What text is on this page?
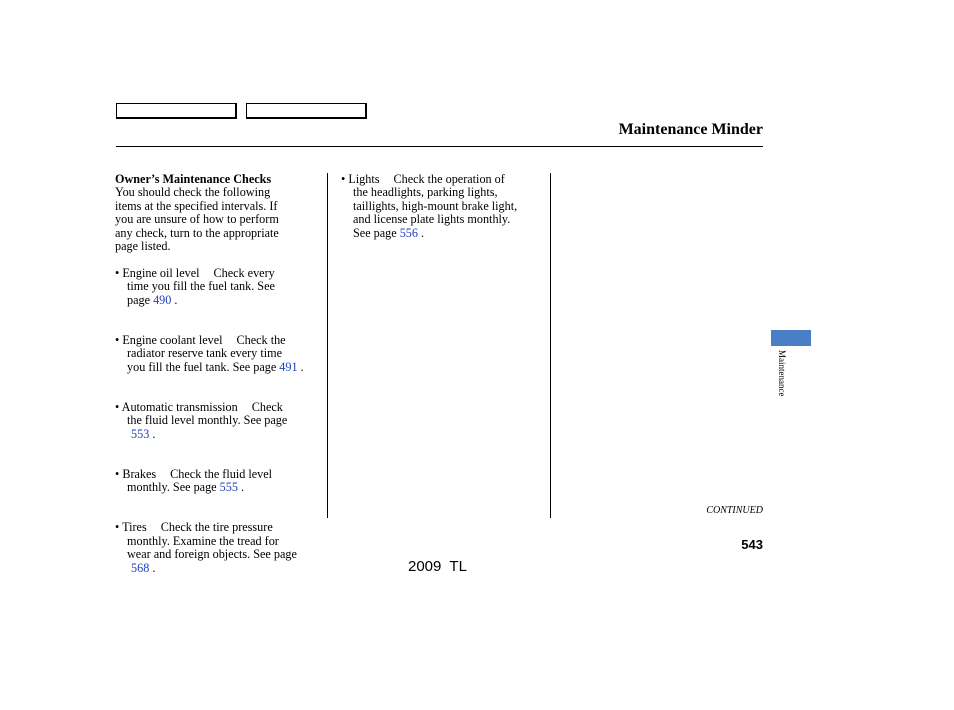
Maintenance Minder

Owner’s Maintenance Checks

You should check the following

items at the specified intervals. If

you are unsure of how to perform

any check, turn to the appropriate

page listed.

• Engine oil level Check every

time you fill the fuel tank. See

page 490 .

• Engine coolant level Check the

radiator reserve tank every time

you fill the fuel tank. See page 491 .

• Automatic transmission Check

the fluid level monthly. See page

553 .

• Brakes Check the fluid level

monthly. See page 555 .

• Tires Check the tire pressure

monthly. Examine the tread for

wear and foreign objects. See page

568 .

• Lights Check the operation of

the headlights, parking lights,

taillights, high-mount brake light,

and license plate lights monthly.

See page 556 .

Maintenance
CONTINUED
543
2009  TL
